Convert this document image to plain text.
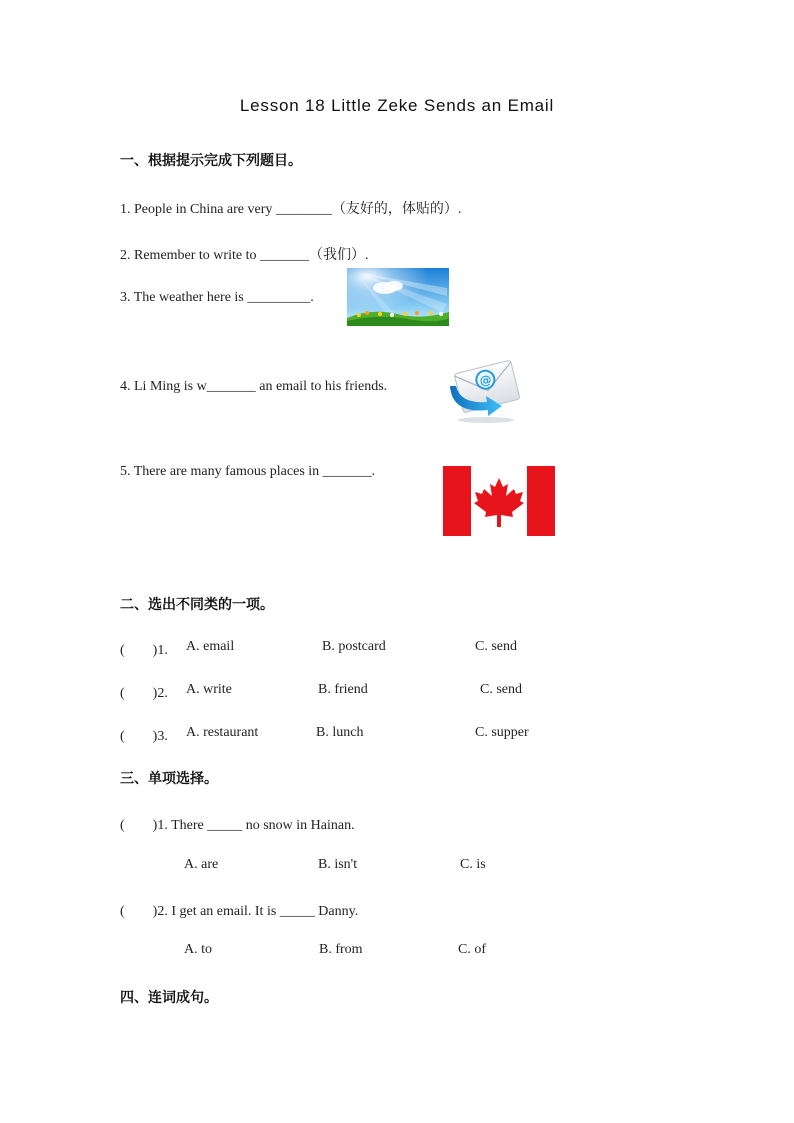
Lesson 18 Little Zeke Sends an Email
一、根据提示完成下列题目。
1. People in China are very ________（友好的，体贴的）.
2. Remember to write to _______（我们）.
3. The weather here is _________.
4. Li Ming is w_______ an email to his friends.	@
5. There are many famous places in _______.
二、选出不同类的一项。
(　　)1. A. email	B. postcard	C. send
(　　)2. A. write	B. friend	C. send
(　　)3. A. restaurant	B. lunch	C. supper
三、单项选择。
(　　)1. There _____ no snow in Hainan.
A. are	B. isn't	C. is
(　　)2. I get an email. It is _____ Danny.
A. to	B. from	C. of
四、连词成句。
